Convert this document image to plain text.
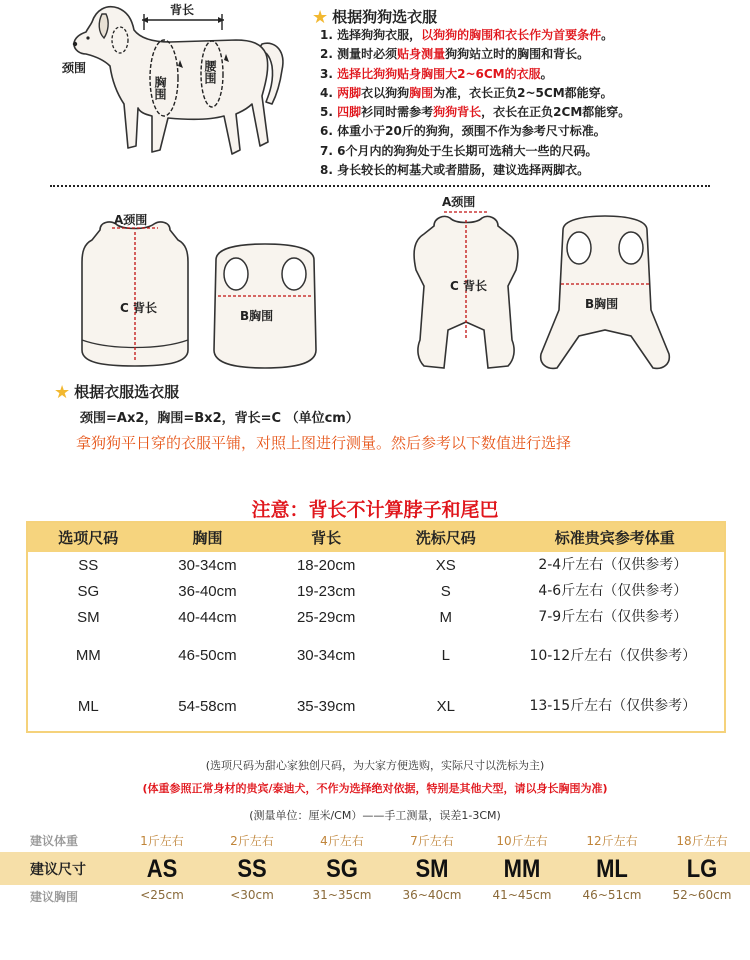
背长
颈围
胸围
腰围
★ 根据狗狗选衣服
1. 选择狗狗衣服，以狗狗的胸围和衣长作为首要条件。
2. 测量时必须贴身测量狗狗站立时的胸围和背长。
3. 选择比狗狗贴身胸围大2~6CM的衣服。
4. 两脚衣以狗狗胸围为准，衣长正负2~5CM都能穿。
5. 四脚衫同时需参考狗狗背长，衣长在正负2CM都能穿。
6. 体重小于20斤的狗狗，颈围不作为参考尺寸标准。
7. 6个月内的狗狗处于生长期可选稍大一些的尺码。
8. 身长较长的柯基犬或者腊肠，建议选择两脚衣。
A颈围
C 背长
B胸围
A颈围
C 背长
B胸围
★ 根据衣服选衣服
颈围=Ax2，胸围=Bx2，背长=C （单位cm）
拿狗狗平日穿的衣服平铺，对照上图进行测量。然后参考以下数值进行选择
注意：背长不计算脖子和尾巴
选项尺码	胸围	背长	洗标尺码	标准贵宾参考体重
SS	30-34cm	18-20cm	XS	2-4斤左右（仅供参考）
SG	36-40cm	19-23cm	S	4-6斤左右（仅供参考）
SM	40-44cm	25-29cm	M	7-9斤左右（仅供参考）
MM	46-50cm	30-34cm	L	10-12斤左右（仅供参考）
ML	54-58cm	35-39cm	XL	13-15斤左右（仅供参考）
(选项尺码为甜心家独创尺码，为大家方便选购，实际尺寸以洗标为主)
(体重参照正常身材的贵宾/泰迪犬，不作为选择绝对依据，特别是其他犬型，请以身长胸围为准)
(测量单位：厘米/CM）——手工测量，误差1-3CM)
建议体重	1斤左右	2斤左右	4斤左右	7斤左右	10斤左右	12斤左右	18斤左右
建议尺寸	AS	SS	SG	SM	MM	ML	LG
建议胸围	<25cm	<30cm	31~35cm	36~40cm	41~45cm	46~51cm	52~60cm
